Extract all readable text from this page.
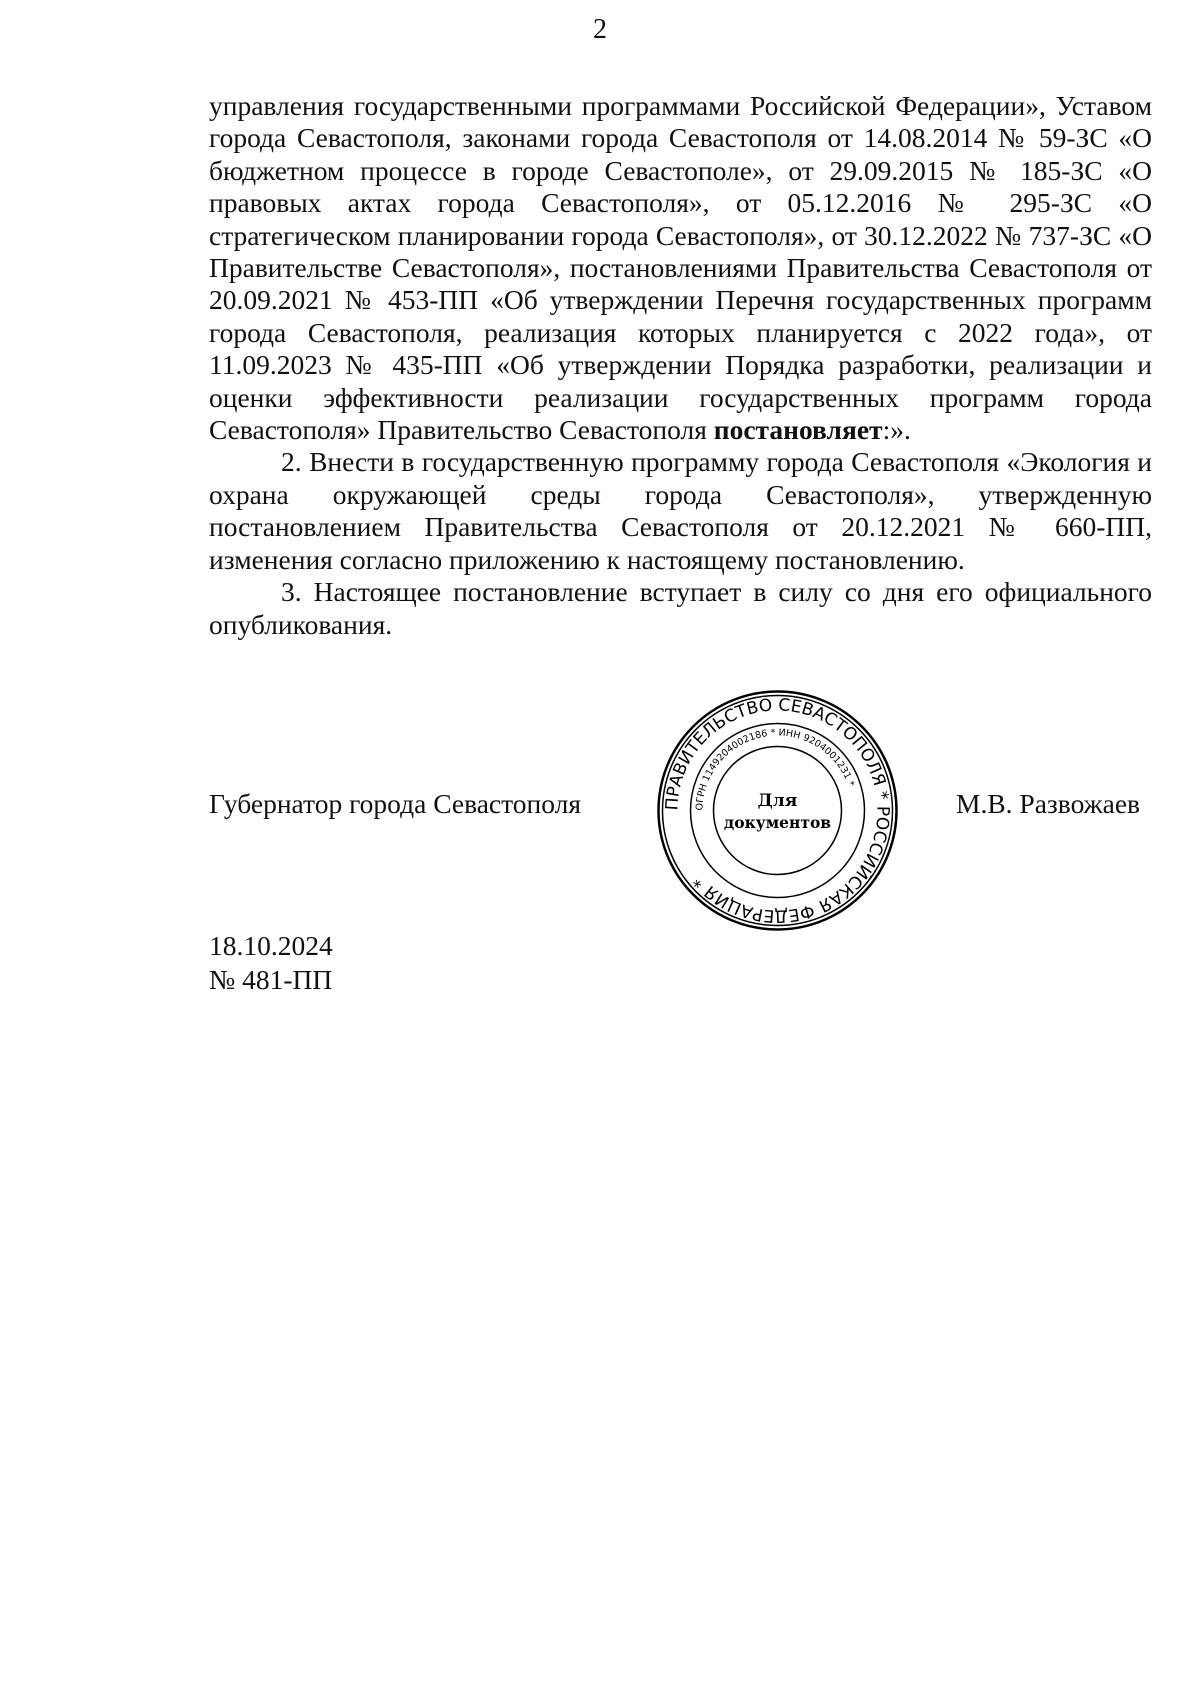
2

управления государственными программами Российской Федерации», Уставом города Севастополя, законами города Севастополя от 14.08.2014 № 59-ЗС «О бюджетном процессе в городе Севастополе», от 29.09.2015 № 185-ЗС «О правовых актах города Севастополя», от 05.12.2016 № 295-ЗС «О стратегическом планировании города Севастополя», от 30.12.2022 № 737-ЗС «О Правительстве Севастополя», постановлениями Правительства Севастополя от 20.09.2021 № 453-ПП «Об утверждении Перечня государственных программ города Севастополя, реализация которых планируется с 2022 года», от 11.09.2023 № 435-ПП «Об утверждении Порядка разработки, реализации и оценки эффективности реализации государственных программ города Севастополя» Правительство Севастополя постановляет:».

2. Внести в государственную программу города Севастополя «Экология и охрана окружающей среды города Севастополя», утвержденную постановлением Правительства Севастополя от 20.12.2021 № 660-ПП, изменения согласно приложению к настоящему постановлению.

3. Настоящее постановление вступает в силу со дня его официального опубликования.

Губернатор города Севастополя	ПРАВИТЕЛЬСТВО СЕВАСТОПОЛЯ * РОССИЙСКАЯ ФЕДЕРАЦИЯ *
ОГРН 1149204002186 * ИНН 9204001231 *
Для
документов
М.В. Развожаев
18.10.2024
№ 481-ПП
